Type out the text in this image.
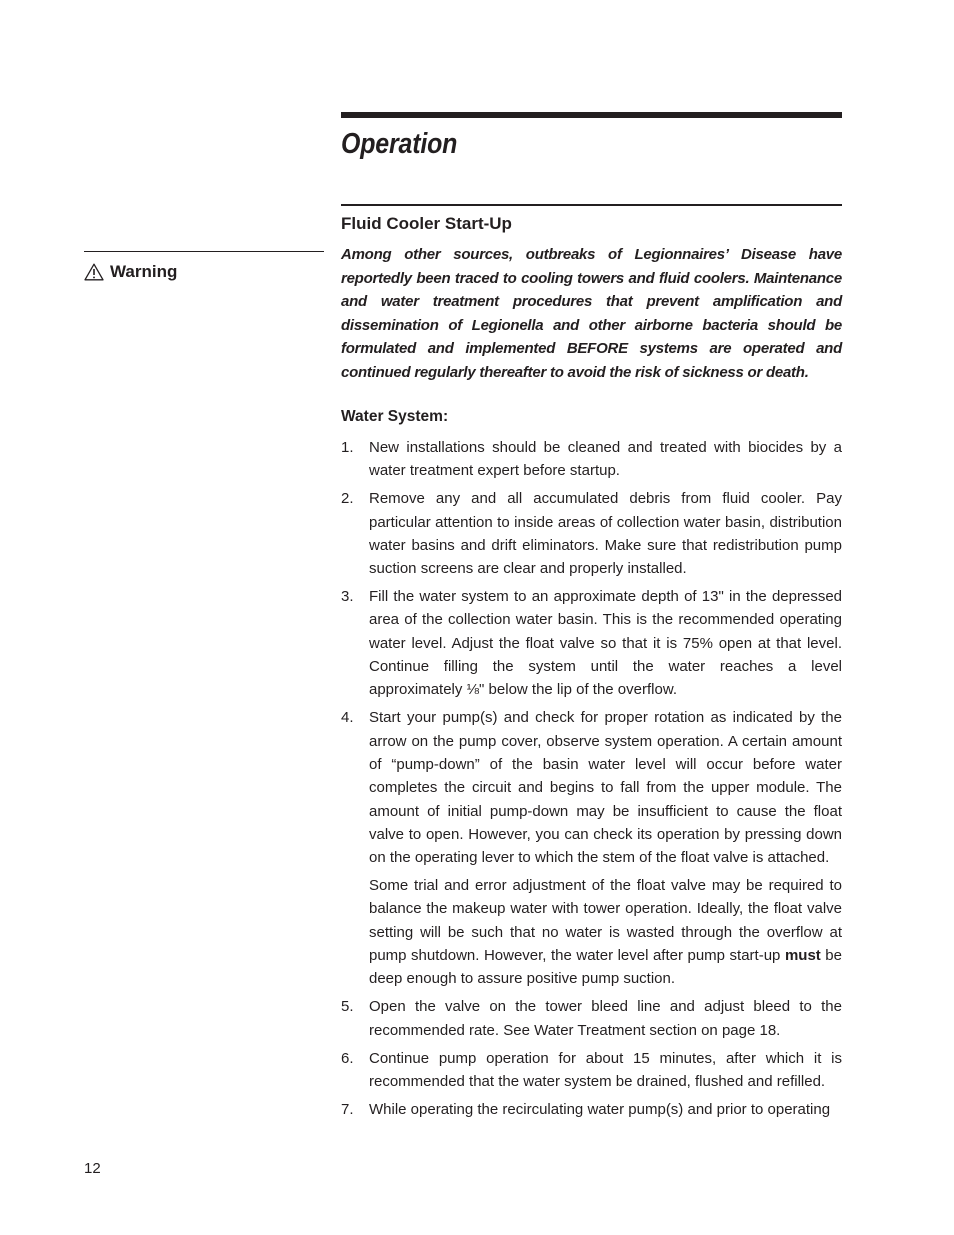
Operation
Fluid Cooler Start-Up
Warning

Among other sources, outbreaks of Legionnaires’ Disease have reportedly been traced to cooling towers and fluid coolers. Maintenance and water treatment procedures that prevent amplification and dissemination of Legionella and other airborne bacteria should be formulated and implemented BEFORE systems are operated and continued regularly thereafter to avoid the risk of sickness or death.

Water System:
1. New installations should be cleaned and treated with biocides by a water treatment expert before startup.

2. Remove any and all accumulated debris from fluid cooler. Pay particular attention to inside areas of collection water basin, distribution water basins and drift eliminators. Make sure that redistribution pump suction screens are clear and properly installed.

3. Fill the water system to an approximate depth of 13" in the depressed area of the collection water basin. This is the recommended operating water level. Adjust the float valve so that it is 75% open at that level. Continue filling the system until the water reaches a level approximately ⅛" below the lip of the overflow.

4. Start your pump(s) and check for proper rotation as indicated by the arrow on the pump cover, observe system operation. A certain amount of “pump-down” of the basin water level will occur before water completes the circuit and begins to fall from the upper module. The amount of initial pump-down may be insufficient to cause the float valve to open. However, you can check its operation by pressing down on the operating lever to which the stem of the float valve is attached.

Some trial and error adjustment of the float valve may be required to balance the makeup water with tower operation. Ideally, the float valve setting will be such that no water is wasted through the overflow at pump shutdown. However, the water level after pump start-up must be deep enough to assure positive pump suction.

5. Open the valve on the tower bleed line and adjust bleed to the recommended rate. See Water Treatment section on page 18.

6. Continue pump operation for about 15 minutes, after which it is recommended that the water system be drained, flushed and refilled.

7. While operating the recirculating water pump(s) and prior to operating

12
